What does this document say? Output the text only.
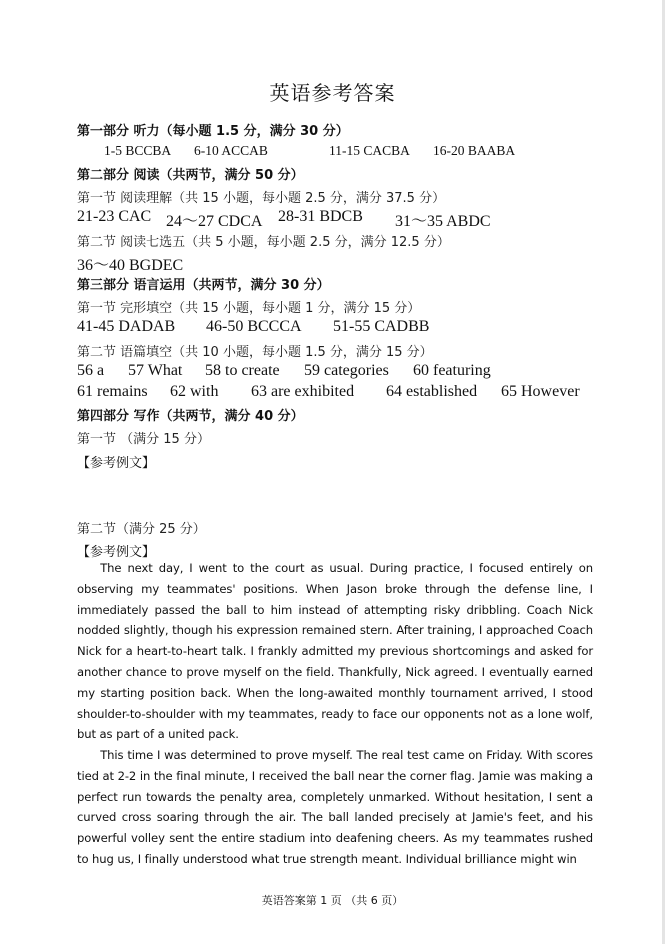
英语参考答案
第一部分 听力（每小题 1.5 分，满分 30 分）
1-5 BCCBA 6-10 ACCAB	11-15 CACBA 16-20 BAABA
第二部分 阅读（共两节，满分 50 分）
第一节 阅读理解（共 15 小题，每小题 2.5 分，满分 37.5 分）
21-23 CAC 24～27 CDCA 28-31 BDCB 31～35 ABDC
第二节 阅读七选五（共 5 小题，每小题 2.5 分，满分 12.5 分）
36～40 BGDEC
第三部分 语言运用（共两节，满分 30 分）
第一节 完形填空（共 15 小题，每小题 1 分，满分 15 分）
41-45 DADAB 46-50 BCCCA 51-55 CADBB
第二节 语篇填空（共 10 小题，每小题 1.5 分，满分 15 分）
56 a 57 What 58 to create 59 categories 60 featuring
61 remains 62 with 63 are exhibited 64 established 65 However
第四部分 写作（共两节，满分 40 分）
第一节 （满分 15 分）
【参考例文】
第二节（满分 25 分）
【参考例文】

The next day, I went to the court as usual. During practice, I focused entirely on observing my teammates' positions. When Jason broke through the defense line, I immediately passed the ball to him instead of attempting risky dribbling. Coach Nick nodded slightly, though his expression remained stern. After training, I approached Coach Nick for a heart-to-heart talk. I frankly admitted my previous shortcomings and asked for another chance to prove myself on the field. Thankfully, Nick agreed. I eventually earned my starting position back. When the long-awaited monthly tournament arrived, I stood shoulder-to-shoulder with my teammates, ready to face our opponents not as a lone wolf, but as part of a united pack.

This time I was determined to prove myself. The real test came on Friday. With scores tied at 2-2 in the final minute, I received the ball near the corner flag. Jamie was making a perfect run towards the penalty area, completely unmarked. Without hesitation, I sent a curved cross soaring through the air. The ball landed precisely at Jamie's feet, and his powerful volley sent the entire stadium into deafening cheers. As my teammates rushed to hug us, I finally understood what true strength meant. Individual brilliance might win

英语答案第 1 页 （共 6 页）
